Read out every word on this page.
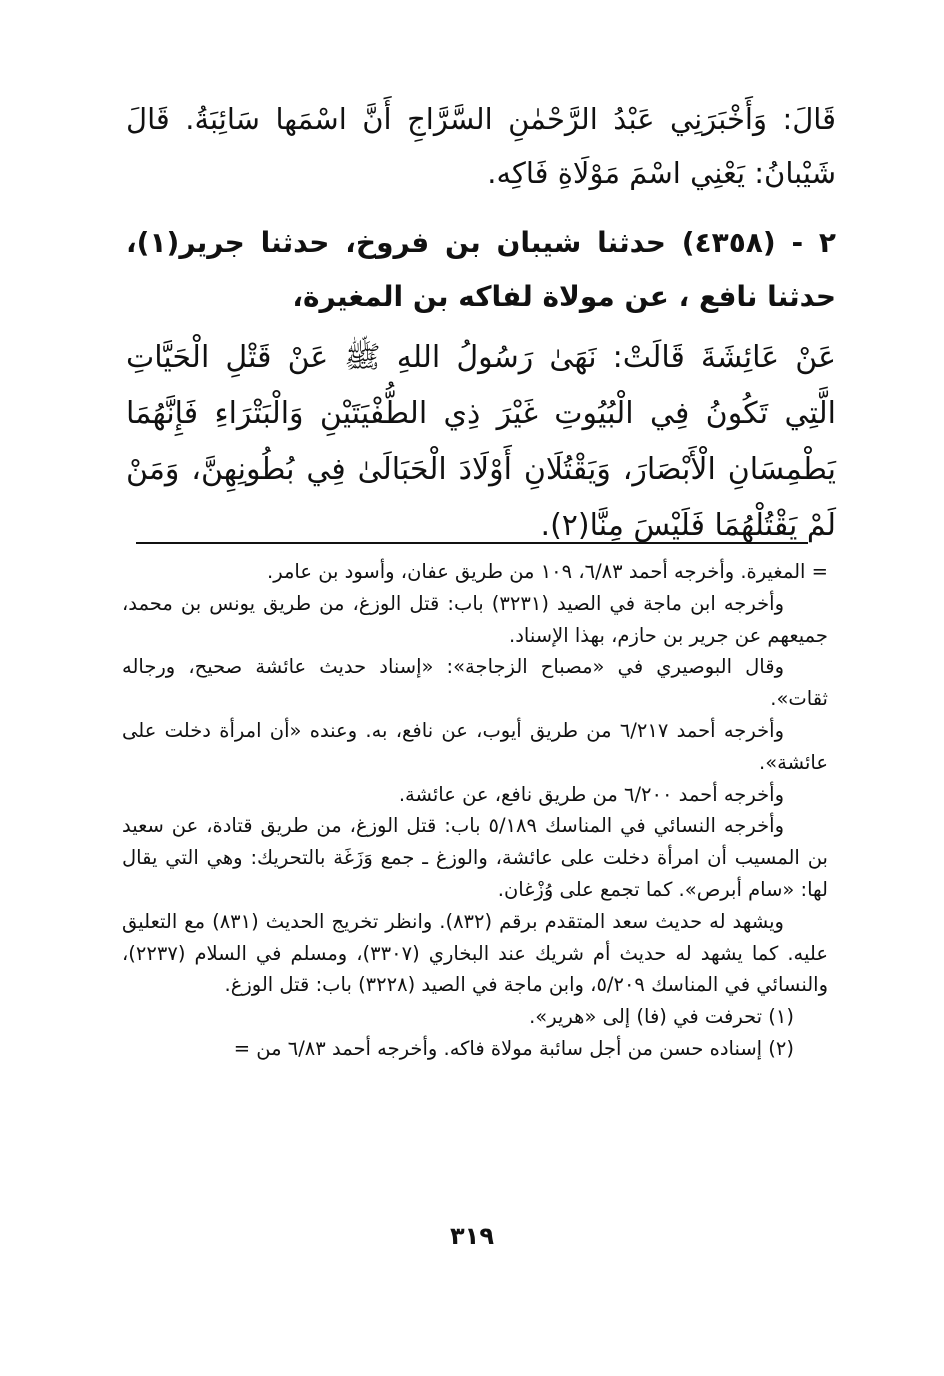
قَالَ: وَأَخْبَرَنِي عَبْدُ الرَّحْمٰنِ السَّرَّاجِ أَنَّ اسْمَها سَائِبَةُ. قَالَ شَيْبانُ: يَعْنِي اسْمَ مَوْلَاةِ فَاكِه.

٢ - (٤٣٥٨) حدثنا شيبان بن فروخ، حدثنا جرير(١)، حدثنا نافع ، عن مولاة لفاكه بن المغيرة،

عَنْ عَائِشَةَ قَالَتْ: نَهَىٰ رَسُولُ اللهِ ﷺ عَنْ قَتْلِ الْحَيَّاتِ الَّتِي تَكُونُ فِي الْبُيُوتِ غَيْرَ ذِي الطُّفْيَتَيْنِ وَالْبَتْرَاءِ فَإِنَّهُمَا يَطْمِسَانِ الْأَبْصَارَ، وَيَقْتُلَانِ أَوْلَادَ الْحَبَالَىٰ فِي بُطُونِهِنَّ، وَمَنْ لَمْ يَقْتُلْهُمَا فَلَيْسَ مِنَّا(٢).

= المغيرة. وأخرجه أحمد ٦/٨٣، ١٠٩ من طريق عفان، وأسود بن عامر.

وأخرجه ابن ماجة في الصيد (٣٢٣١) باب: قتل الوزغ، من طريق يونس بن محمد، جميعهم عن جرير بن حازم، بهذا الإسناد.

وقال البوصيري في «مصباح الزجاجة»: «إسناد حديث عائشة صحيح، ورجاله ثقات».

وأخرجه أحمد ٦/٢١٧ من طريق أيوب، عن نافع، به. وعنده «أن امرأة دخلت على عائشة».

وأخرجه أحمد ٦/٢٠٠ من طريق نافع، عن عائشة.

وأخرجه النسائي في المناسك ٥/١٨٩ باب: قتل الوزغ، من طريق قتادة، عن سعيد بن المسيب أن امرأة دخلت على عائشة، والوزغ ـ جمع وَزَغَة بالتحريك: وهي التي يقال لها: «سام أبرص». كما تجمع على وُزْغان.

ويشهد له حديث سعد المتقدم برقم (٨٣٢). وانظر تخريج الحديث (٨٣١) مع التعليق عليه. كما يشهد له حديث أم شريك عند البخاري (٣٣٠٧)، ومسلم في السلام (٢٢٣٧)، والنسائي في المناسك ٥/٢٠٩، وابن ماجة في الصيد (٣٢٢٨) باب: قتل الوزغ.

(١) تحرفت في (فا) إلى «هرير».

(٢) إسناده حسن من أجل سائبة مولاة فاكه. وأخرجه أحمد ٦/٨٣ من =

٣١٩
